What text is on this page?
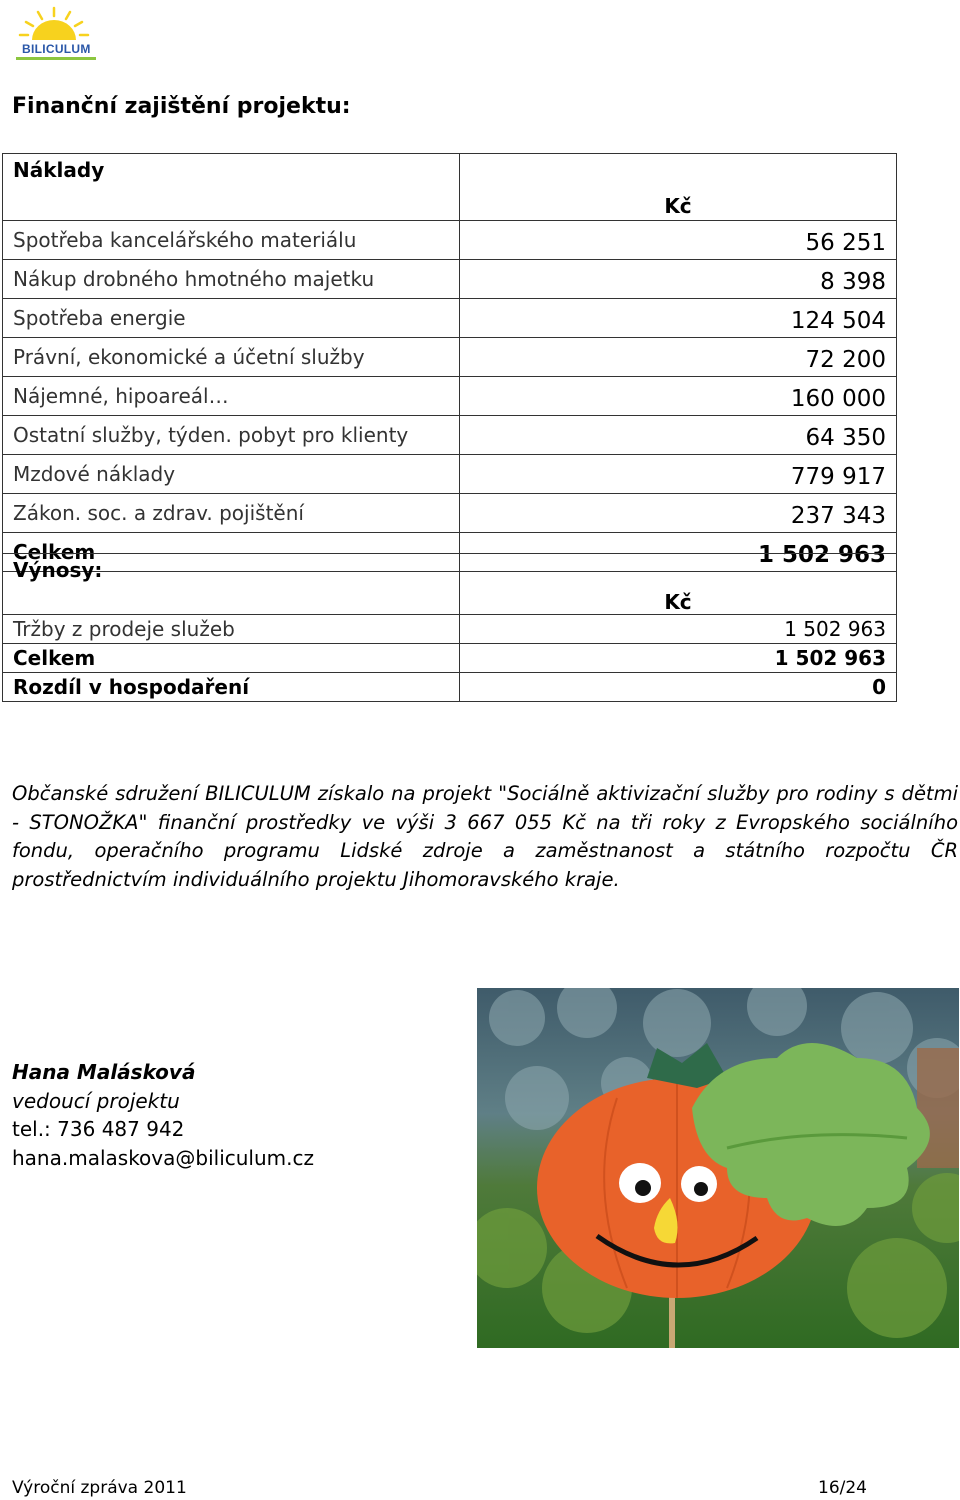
BILICULUM
Finanční zajištění projektu:
Náklady	Kč
Spotřeba kancelářského materiálu	56 251
Nákup drobného hmotného majetku	8 398
Spotřeba energie	124 504
Právní, ekonomické a účetní služby	72 200
Nájemné, hipoareál…	160 000
Ostatní služby, týden. pobyt pro klienty	64 350
Mzdové náklady	779 917
Zákon. soc. a zdrav. pojištění	237 343
Celkem	1 502 963
Výnosy:	Kč
Tržby z prodeje služeb	1 502 963
Celkem	1 502 963
Rozdíl v hospodaření	0

Občanské sdružení BILICULUM získalo na projekt "Sociálně aktivizační služby pro rodiny s dětmi - STONOŽKA" finanční prostředky ve výši 3 667 055 Kč na tři roky z Evropského sociálního fondu, operačního programu Lidské zdroje a zaměstnanost a státního rozpočtu ČR prostřednictvím individuálního projektu Jihomoravského kraje.

Hana Malásková
vedoucí projektu
tel.: 736 487 942
hana.malaskova@biliculum.cz
Výroční zpráva 2011	16/24
